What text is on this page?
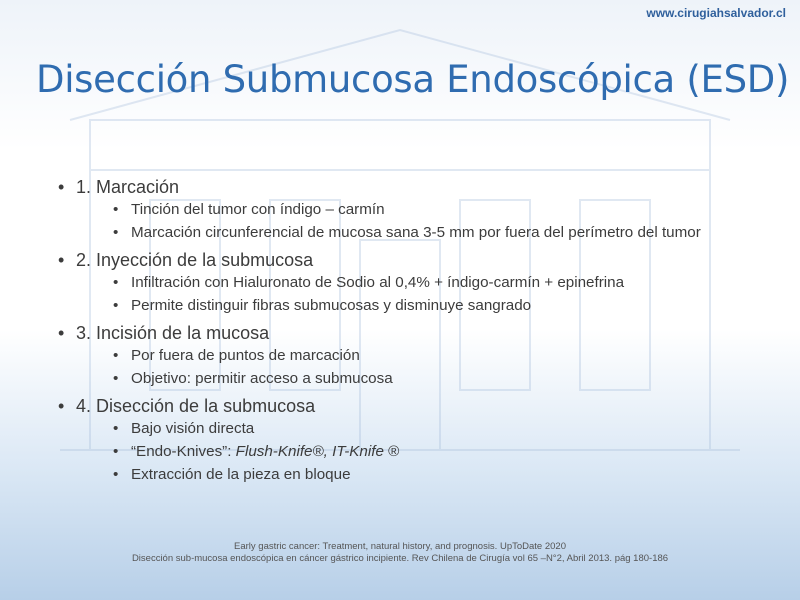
www.cirugiahsalvador.cl
Disección Submucosa Endoscópica (ESD)
• 1. Marcación
• Tinción del tumor con índigo – carmín
• Marcación circunferencial de mucosa sana 3-5 mm por fuera del perímetro del tumor
• 2. Inyección de la submucosa
• Infiltración con Hialuronato de Sodio al 0,4% + índigo-carmín + epinefrina
• Permite distinguir fibras submucosas y disminuye sangrado
• 3. Incisión de la mucosa
• Por fuera de puntos de marcación
• Objetivo: permitir acceso a submucosa
• 4. Disección de la submucosa
• Bajo visión directa
• “Endo-Knives”: Flush-Knife®, IT-Knife ®
• Extracción de la pieza en bloque
Early gastric cancer: Treatment, natural history, and prognosis. UpToDate 2020
Disección sub-mucosa endoscópica en cáncer gástrico incipiente. Rev Chilena de Cirugía vol 65 –N°2, Abril 2013. pág 180-186
